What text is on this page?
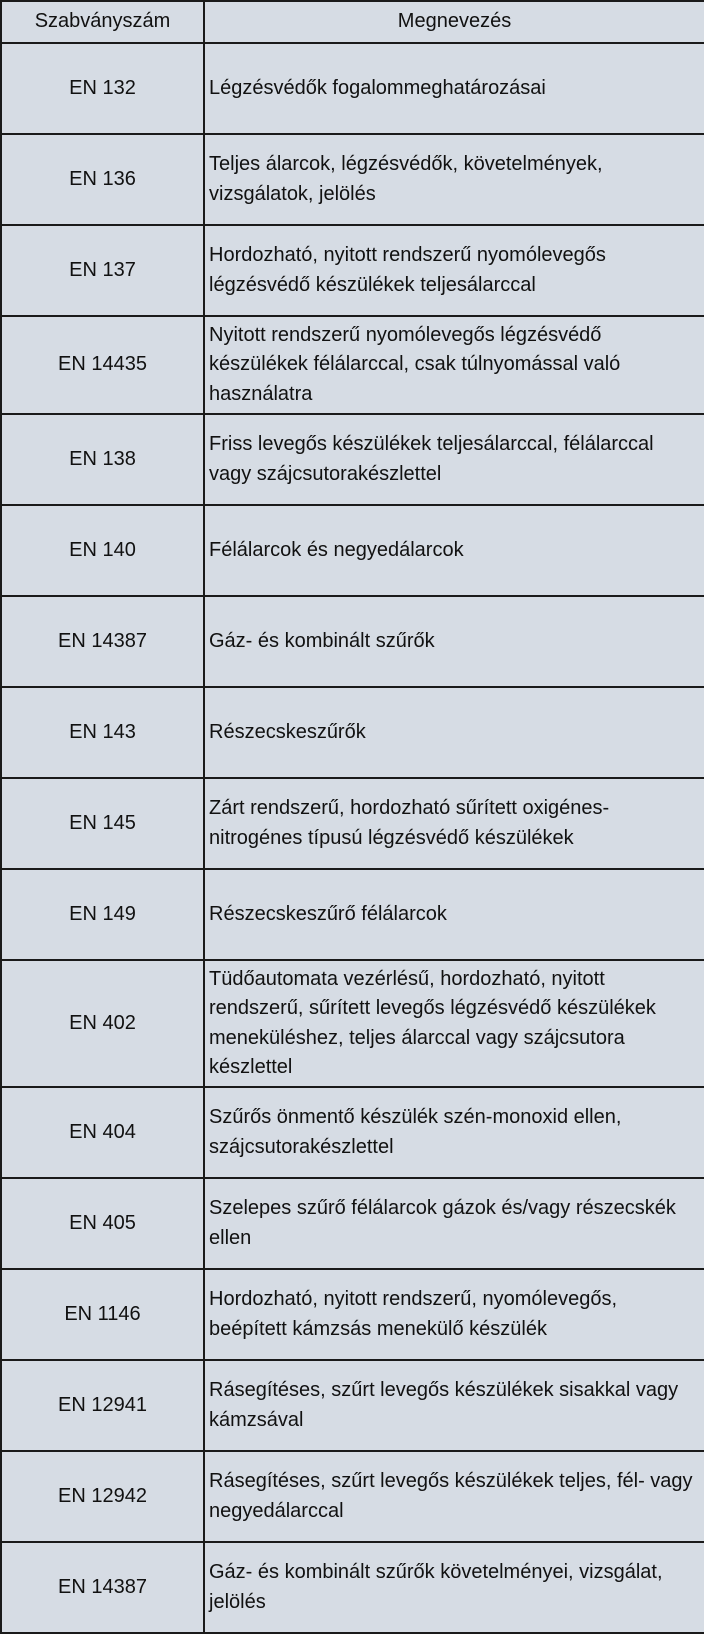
Szabványszám	Megnevezés
EN 132	Légzésvédők fogalommeghatározásai
EN 136	Teljes álarcok, légzésvédők, követelmények, vizsgálatok, jelölés
EN 137	Hordozható, nyitott rendszerű nyomólevegős légzésvédő készülékek teljesálarccal
EN 14435	Nyitott rendszerű nyomólevegős légzésvédő készülékek félálarccal, csak túlnyomással való használatra
EN 138	Friss levegős készülékek teljesálarccal, félálarccal vagy szájcsutorakészlettel
EN 140	Félálarcok és negyedálarcok
EN 14387	Gáz- és kombinált szűrők
EN 143	Részecskeszűrők
EN 145	Zárt rendszerű, hordozható sűrített oxigénes-nitrogénes típusú légzésvédő készülékek
EN 149	Részecskeszűrő félálarcok
EN 402	Tüdőautomata vezérlésű, hordozható, nyitott rendszerű, sűrített levegős légzésvédő készülékek meneküléshez, teljes álarccal vagy szájcsutora készlettel
EN 404	Szűrős önmentő készülék szén-monoxid ellen, szájcsutorakészlettel
EN 405	Szelepes szűrő félálarcok gázok és/vagy részecskék ellen
EN 1146	Hordozható, nyitott rendszerű, nyomólevegős, beépített kámzsás menekülő készülék
EN 12941	Rásegítéses, szűrt levegős készülékek sisakkal vagy kámzsával
EN 12942	Rásegítéses, szűrt levegős készülékek teljes, fél- vagy negyedálarccal
EN 14387	Gáz- és kombinált szűrők követelményei, vizsgálat, jelölés
